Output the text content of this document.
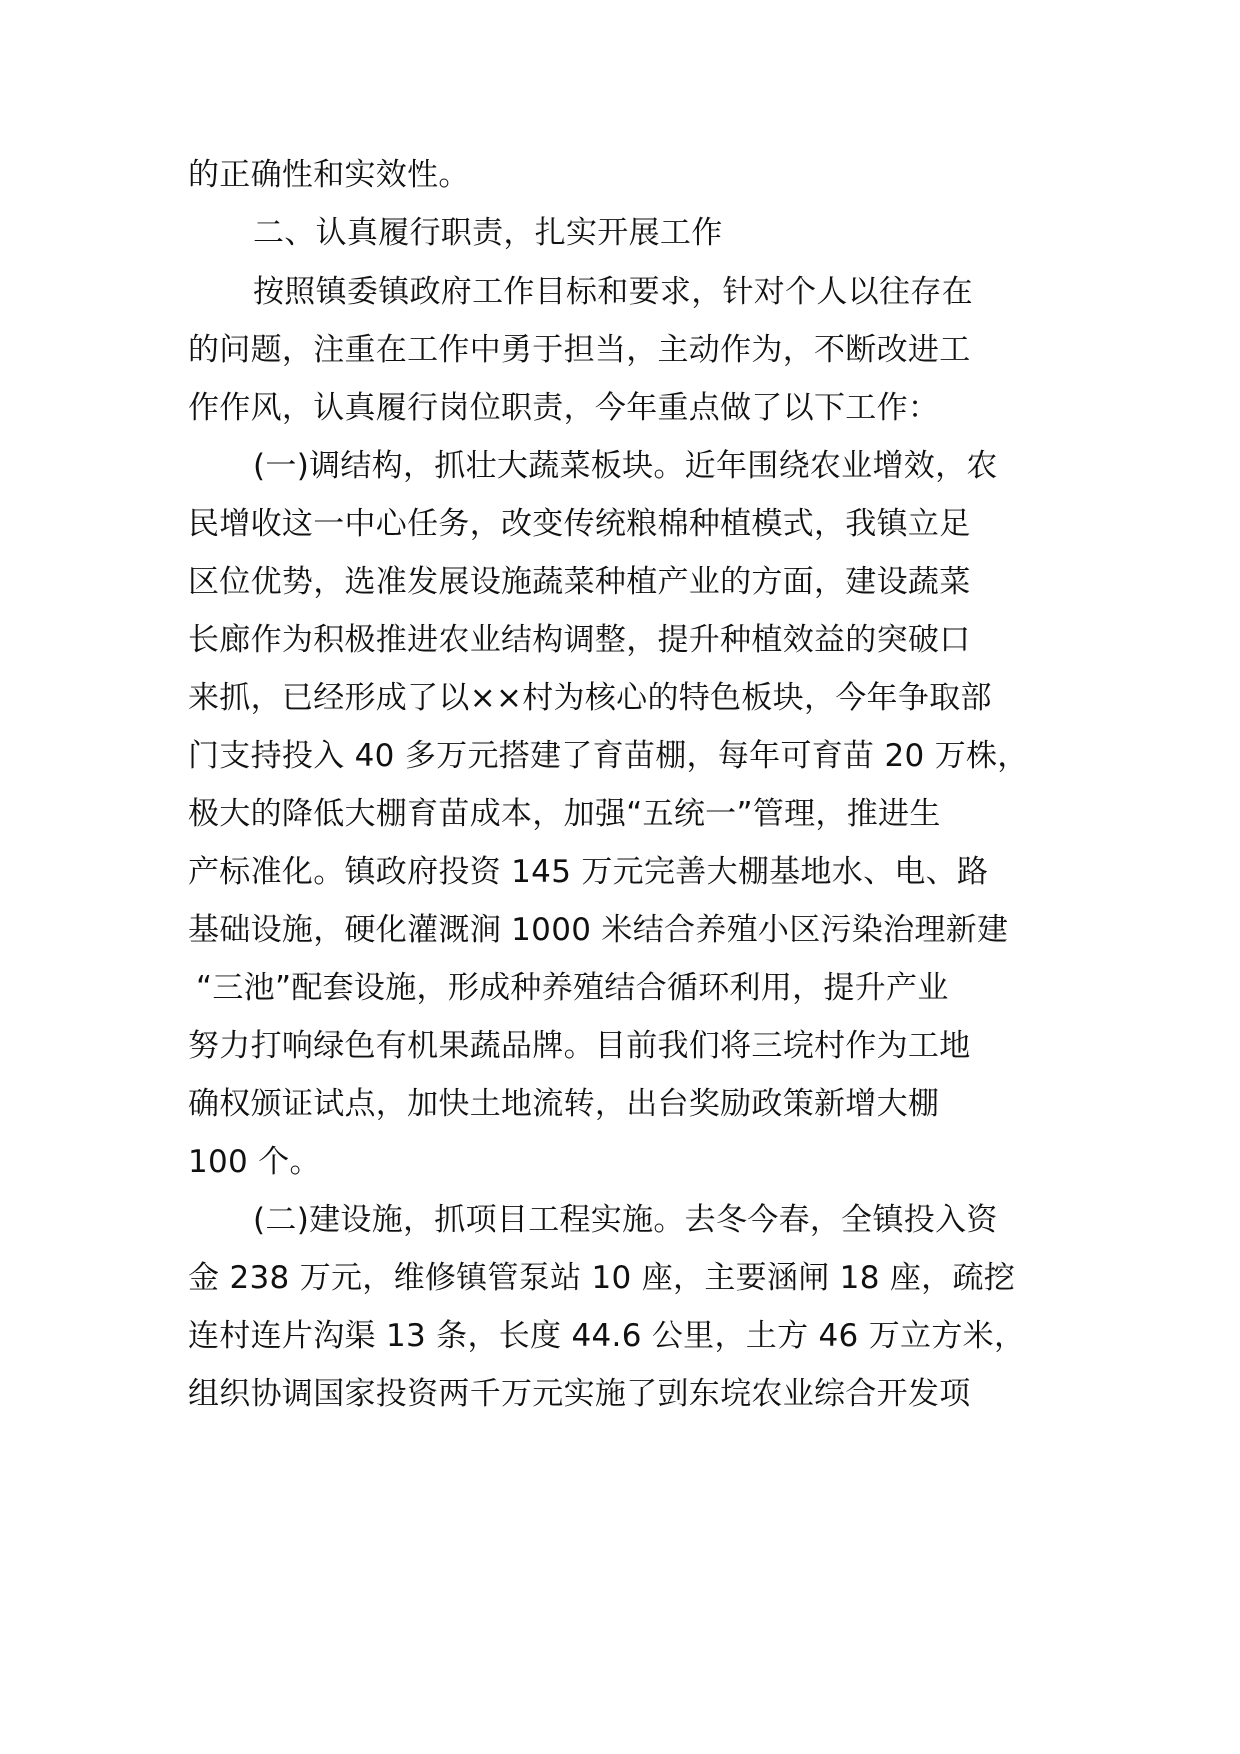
的正确性和实效性。
二、认真履行职责，扎实开展工作
按照镇委镇政府工作目标和要求，针对个人以往存在
的问题，注重在工作中勇于担当，主动作为，不断改进工
作作风，认真履行岗位职责，今年重点做了以下工作：
(一)调结构，抓壮大蔬菜板块。近年围绕农业增效，农
民增收这一中心任务，改变传统粮棉种植模式，我镇立足
区位优势，选准发展设施蔬菜种植产业的方面，建设蔬菜
长廊作为积极推进农业结构调整，提升种植效益的突破口
来抓，已经形成了以××村为核心的特色板块，今年争取部
门支持投入 40 多万元搭建了育苗棚，每年可育苗 20 万株，
极大的降低大棚育苗成本，加强“五统一”管理，推进生
产标准化。镇政府投资 145 万元完善大棚基地水、电、路
基础设施，硬化灌溉涧 1000 米结合养殖小区污染治理新建
“三池”配套设施，形成种养殖结合循环利用，提升产业
努力打响绿色有机果蔬品牌。目前我们将三垸村作为工地
确权颁证试点，加快土地流转，出台奖励政策新增大棚
100 个。
(二)建设施，抓项目工程实施。去冬今春，全镇投入资
金 238 万元，维修镇管泵站 10 座，主要涵闸 18 座，疏挖
连村连片沟渠 13 条，长度 44.6 公里，土方 46 万立方米，
组织协调国家投资两千万元实施了剅东垸农业综合开发项
